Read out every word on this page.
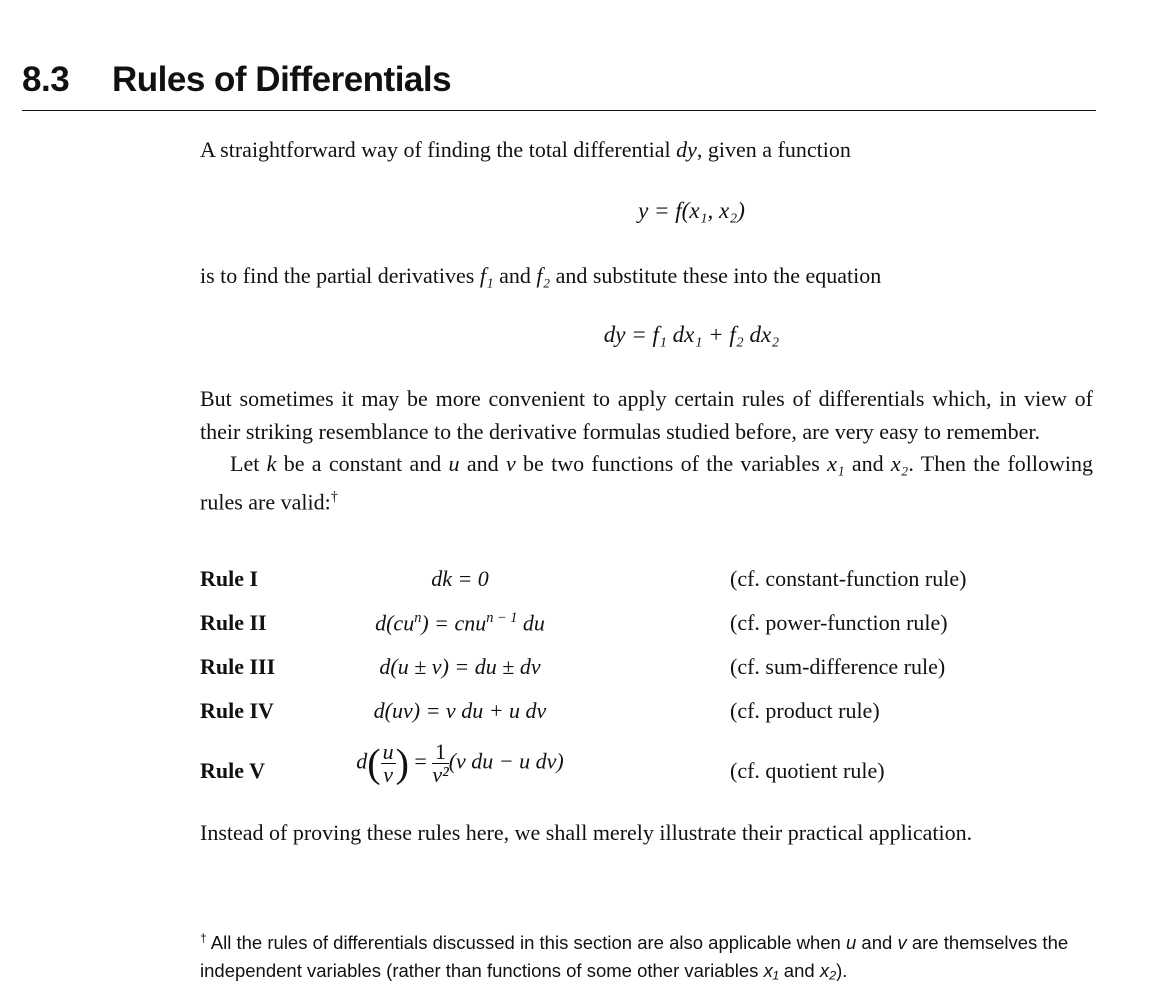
8.3 Rules of Differentials

A straightforward way of finding the total differential dy, given a function

y = f(x₁, x₂)

is to find the partial derivatives f₁ and f₂ and substitute these into the equation

dy = f₁ dx₁ + f₂ dx₂

But sometimes it may be more convenient to apply certain rules of differentials which, in view of their striking resemblance to the derivative formulas studied before, are very easy to remember.

Let k be a constant and u and v be two functions of the variables x₁ and x₂. Then the following rules are valid:†

Rule I	dk = 0	(cf. constant-function rule)
Rule II	$d(cu^n) = cnu^{n - 1}$ du	(cf. power-function rule)
Rule III	d(u ± v) = du ± dv	(cf. sum-difference rule)
Rule IV	d(uv) = v du + u dv	(cf. product rule)
Rule V	$d( \frac{u}{v}$ ) = $\frac{1}{\text{v²}} (v$ du − u dv)	(cf. quotient rule)

Instead of proving these rules here, we shall merely illustrate their practical application.

† All the rules of differentials discussed in this section are also applicable when u and v are themselves the independent variables (rather than functions of some other variables x₁ and x₂).
